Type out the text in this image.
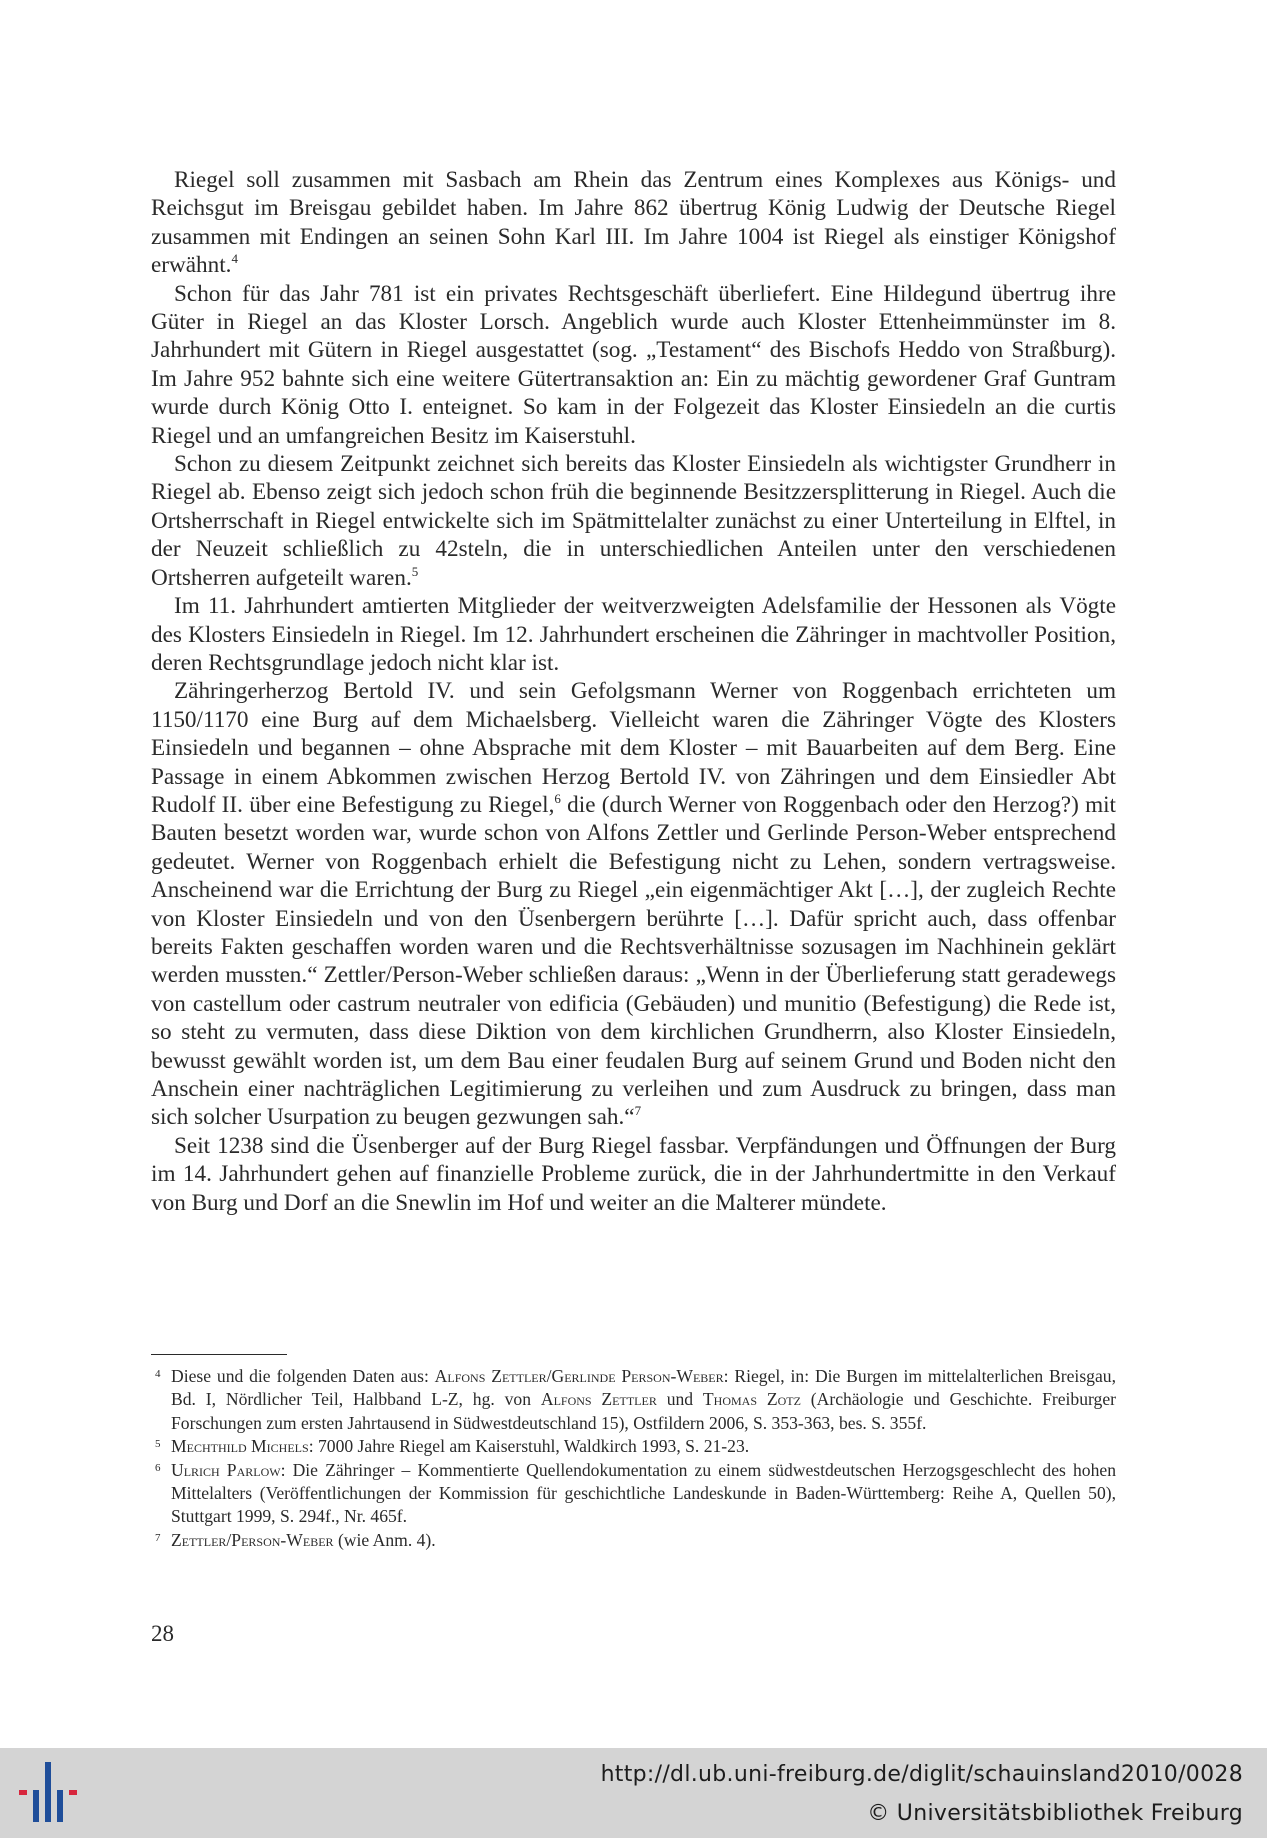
Riegel soll zusammen mit Sasbach am Rhein das Zentrum eines Komplexes aus Königs- und Reichsgut im Breisgau gebildet haben. Im Jahre 862 übertrug König Ludwig der Deutsche Riegel zusammen mit Endingen an seinen Sohn Karl III. Im Jahre 1004 ist Riegel als einstiger Königshof erwähnt.$^4$

Schon für das Jahr 781 ist ein privates Rechtsgeschäft überliefert. Eine Hildegund übertrug ihre Güter in Riegel an das Kloster Lorsch. Angeblich wurde auch Kloster Ettenheimmünster im 8. Jahrhundert mit Gütern in Riegel ausgestattet (sog. „Testament“ des Bischofs Heddo von Straßburg). Im Jahre 952 bahnte sich eine weitere Gütertransaktion an: Ein zu mächtig gewordener Graf Guntram wurde durch König Otto I. enteignet. So kam in der Folgezeit das Kloster Einsiedeln an die curtis Riegel und an umfangreichen Besitz im Kaiserstuhl.

Schon zu diesem Zeitpunkt zeichnet sich bereits das Kloster Einsiedeln als wichtigster Grundherr in Riegel ab. Ebenso zeigt sich jedoch schon früh die beginnende Besitzzersplitterung in Riegel. Auch die Ortsherrschaft in Riegel entwickelte sich im Spätmittelalter zunächst zu einer Unterteilung in Elftel, in der Neuzeit schließlich zu 42steln, die in unterschiedlichen Anteilen unter den verschiedenen Ortsherren aufgeteilt waren.$^5$

Im 11. Jahrhundert amtierten Mitglieder der weitverzweigten Adelsfamilie der Hessonen als Vögte des Klosters Einsiedeln in Riegel. Im 12. Jahrhundert erscheinen die Zähringer in machtvoller Position, deren Rechtsgrundlage jedoch nicht klar ist.

Zähringerherzog Bertold IV. und sein Gefolgsmann Werner von Roggenbach errichteten um 1150/1170 eine Burg auf dem Michaelsberg. Vielleicht waren die Zähringer Vögte des Klosters Einsiedeln und begannen – ohne Absprache mit dem Kloster – mit Bauarbeiten auf dem Berg. Eine Passage in einem Abkommen zwischen Herzog Bertold IV. von Zähringen und dem Einsiedler Abt Rudolf II. über eine Befestigung zu Riegel,$^6$ die (durch Werner von Roggenbach oder den Herzog?) mit Bauten besetzt worden war, wurde schon von Alfons Zettler und Gerlinde Person-Weber entsprechend gedeutet. Werner von Roggenbach erhielt die Befestigung nicht zu Lehen, sondern vertragsweise. Anscheinend war die Errichtung der Burg zu Riegel „ein eigenmächtiger Akt […], der zugleich Rechte von Kloster Einsiedeln und von den Üsenbergern berührte […]. Dafür spricht auch, dass offenbar bereits Fakten geschaffen worden waren und die Rechtsverhältnisse sozusagen im Nachhinein geklärt werden mussten.“ Zettler/Person-Weber schließen daraus: „Wenn in der Überlieferung statt geradewegs von castellum oder castrum neutraler von edificia (Gebäuden) und munitio (Befestigung) die Rede ist, so steht zu vermuten, dass diese Diktion von dem kirchlichen Grundherrn, also Kloster Einsiedeln, bewusst gewählt worden ist, um dem Bau einer feudalen Burg auf seinem Grund und Boden nicht den Anschein einer nachträglichen Legitimierung zu verleihen und zum Ausdruck zu bringen, dass man sich solcher Usurpation zu beugen gezwungen sah.“$^7$

Seit 1238 sind die Üsenberger auf der Burg Riegel fassbar. Verpfändungen und Öffnungen der Burg im 14. Jahrhundert gehen auf finanzielle Probleme zurück, die in der Jahrhundertmitte in den Verkauf von Burg und Dorf an die Snewlin im Hof und weiter an die Malterer mündete.

4 Diese und die folgenden Daten aus: Alfons Zettler/Gerlinde Person-Weber: Riegel, in: Die Burgen im mittelalterlichen Breisgau, Bd. I, Nördlicher Teil, Halbband L-Z, hg. von Alfons Zettler und Thomas Zotz (Archäologie und Geschichte. Freiburger Forschungen zum ersten Jahrtausend in Südwestdeutschland 15), Ostfildern 2006, S. 353-363, bes. S. 355f.

5 Mechthild Michels: 7000 Jahre Riegel am Kaiserstuhl, Waldkirch 1993, S. 21-23.

6 Ulrich Parlow: Die Zähringer – Kommentierte Quellendokumentation zu einem südwestdeutschen Herzogsgeschlecht des hohen Mittelalters (Veröffentlichungen der Kommission für geschichtliche Landeskunde in Baden-Württemberg: Reihe A, Quellen 50), Stuttgart 1999, S. 294f., Nr. 465f.

7 Zettler/Person-Weber (wie Anm. 4).

28
http://dl.ub.uni-freiburg.de/diglit/schauinsland2010/0028
© Universitätsbibliothek Freiburg
